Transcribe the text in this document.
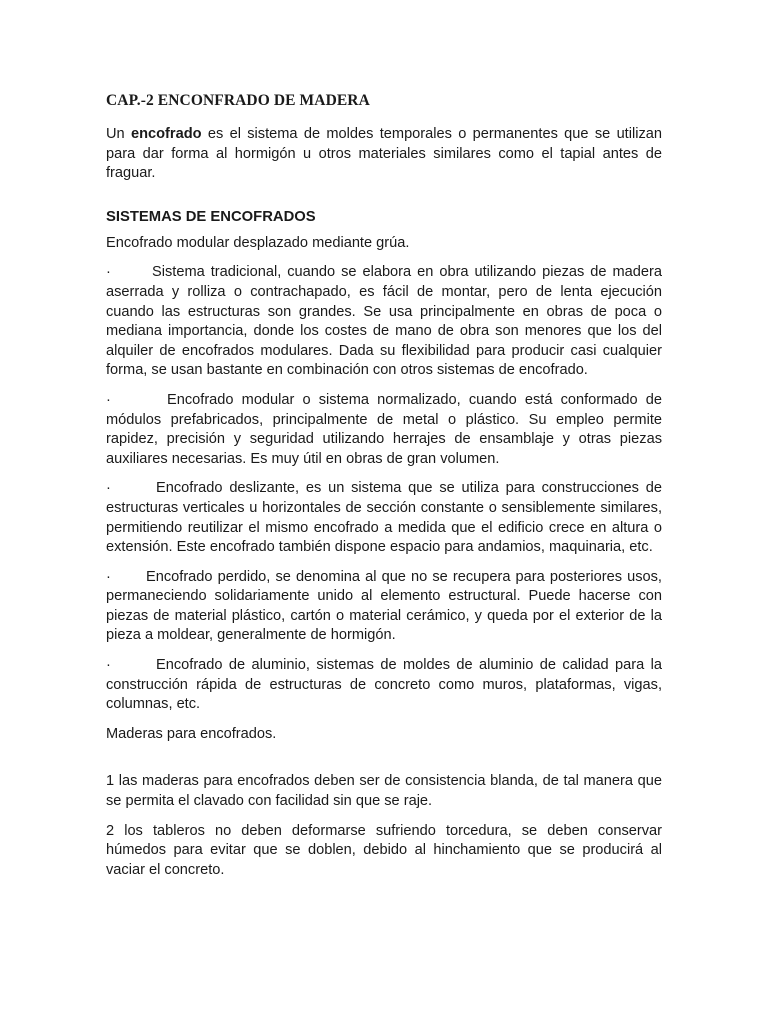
CAP.-2 ENCONFRADO DE MADERA

Un encofrado es el sistema de moldes temporales o permanentes que se utilizan para dar forma al hormigón u otros materiales similares como el tapial antes de fraguar.

SISTEMAS DE ENCOFRADOS

Encofrado modular desplazado mediante grúa.

·	Sistema tradicional, cuando se elabora en obra utilizando piezas de madera aserrada y rolliza o contrachapado, es fácil de montar, pero de lenta ejecución cuando las estructuras son grandes. Se usa principalmente en obras de poca o mediana importancia, donde los costes de mano de obra son menores que los del alquiler de encofrados modulares. Dada su flexibilidad para producir casi cualquier forma, se usan bastante en combinación con otros sistemas de encofrado.

·	Encofrado modular o sistema normalizado, cuando está conformado de módulos prefabricados, principalmente de metal o plástico. Su empleo permite rapidez, precisión y seguridad utilizando herrajes de ensamblaje y otras piezas auxiliares necesarias. Es muy útil en obras de gran volumen.

·	Encofrado deslizante, es un sistema que se utiliza para construcciones de estructuras verticales u horizontales de sección constante o sensiblemente similares, permitiendo reutilizar el mismo encofrado a medida que el edificio crece en altura o extensión. Este encofrado también dispone espacio para andamios, maquinaria, etc.

· Encofrado perdido, se denomina al que no se recupera para posteriores usos, permaneciendo solidariamente unido al elemento estructural. Puede hacerse con piezas de material plástico, cartón o material cerámico, y queda por el exterior de la pieza a moldear, generalmente de hormigón.

·	Encofrado de aluminio, sistemas de moldes de aluminio de calidad para la construcción rápida de estructuras de concreto como muros, plataformas, vigas, columnas, etc.

Maderas para encofrados.

1 las maderas para encofrados deben ser de consistencia blanda, de tal manera que se permita el clavado con facilidad sin que se raje.

2 los tableros no deben deformarse sufriendo torcedura, se deben conservar húmedos para evitar que se doblen, debido al hinchamiento que se producirá al vaciar el concreto.
